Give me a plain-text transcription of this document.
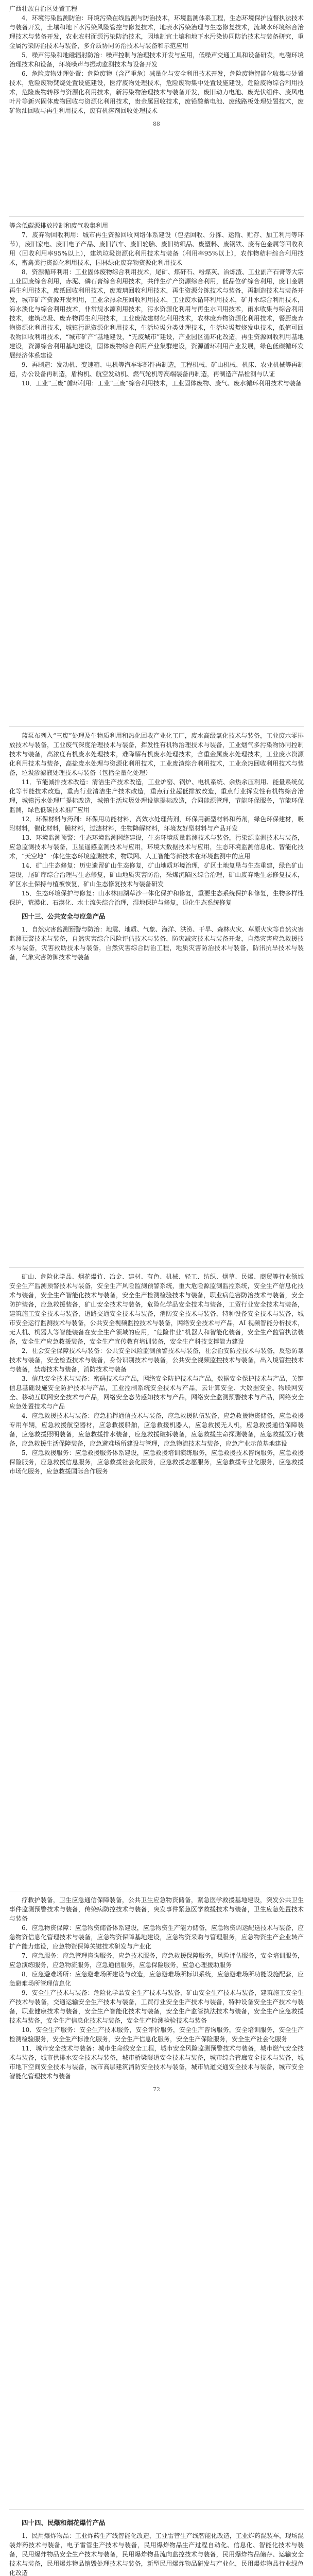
广西壮族自治区处置工程

4．环境污染监测防治：环境污染在线监测与防治技术，环境监测体系工程，生态环境保护监督执法技术与装备开发，土壤和地下水污染风险管控与修复技术，地表水污染治理与生态修复技术，流域水环境综合治理技术与装备开发，农业农村面源污染防治技术，因地制宜土壤和地下水污染协同防治技术与装备研究，重金属污染防治技术与装备，多介质协同防治技术与装备和示范应用

5．噪声污染和地磁辐射防治：噪声控制与治理技术开发与应用，低噪声交通工具和设备研发，电磁环境治理技术和设备，环境噪声与振动监测技术与设备开发

6．危险废物处理处置：危险废物（含严重危）减量化与安全利用技术开发，危险废物智能化收集与处置技术，危险废物焚烧处置设施建设，医疗废物处理技术，危险废物集中处置设施建设，危险废物综合利用技术，危险废物转移与资源化利用技术，新污染物治理技术与装备开发，废旧动力电池、废光伏组件、废风电叶片等新兴固体废物回收与资源化利用技术，贵金属回收技术，废铅酸蓄电池、废线路板处理处置技术，废矿物油回收与再生利用技术，废有机溶剂回收处理技术

88

等含低碳源排放控制和废气收集利用

7．废弃物回收利用：城市再生资源回收网络体系建设（包括回收、分拣、运输、贮存、加工利用等环节），废旧家电、废旧电子产品、废旧汽车、废旧轮胎、废旧纺织品、废塑料、废钢铁、废有色金属等回收利用（回收利用率95%以上），建筑垃圾资源化利用技术与装备（利用率95%以上），农作物秸秆综合利用技术，畜禽粪污资源化利用技术，园林绿化废弃物资源化利用技术

8．资源循环利用：工业固体废物综合利用技术，尾矿、煤矸石、粉煤灰、冶炼渣、工业副产石膏等大宗工业固废综合利用，赤泥、磷石膏综合利用技术，共伴生矿产资源综合利用，低品位矿综合利用，废旧金属再生利用技术，废纸回收利用技术，废玻璃回收利用技术，再生资源分拣技术与装备，再制造技术与装备开发，城市矿产资源开发利用，工业余热余压回收利用技术，工业废水循环利用技术，矿井水综合利用技术，海水淡化与综合利用技术，非常规水源利用技术，污水资源化利用与再生水回用技术，雨水收集与综合利用技术，建筑垃圾、废弃物再生利用技术，工业废渣建材化利用技术，农林废弃物资源化利用技术，餐厨废弃物资源化利用技术，城镇污泥资源化利用技术，生活垃圾分类处理技术，生活垃圾焚烧发电技术，低值可回收物回收利用技术，“城市矿产”基地建设，“无废城市”建设，产业园区循环化改造，再生资源回收利用基地建设，资源综合利用基地建设，固体废物综合利用产业集群建设，资源循环利用产业发展，绿色低碳循环发展经济体系建设

9．再制造：发动机、变速箱、电机等汽车零部件再制造，工程机械、矿山机械、机床、农业机械等再制造，办公设备再制造，盾构机、航空发动机、燃气轮机等高端装备再制造，再制造产品检测与认证

10．工业“三废”循环利用：工业“三废”综合利用技术，工业固体废物、废气、废水循环利用技术与装备

蓝泵布列入“三废”处理及生物质利用和热化回收产业化工厂，废水高级氧化技术与装备，工业废水零排放技术与装备，工业废气深度治理技术与装备，挥发性有机物治理技术与装备，工业烟气多污染物协同控制技术与装备，高浓度有机废水处理技术，难降解有机废水处理技术，含重金属废水处理技术，工业废水资源化利用技术与装备，高盐废水处理与资源化利用技术，工业废渣综合利用技术，工业余热回收利用技术与装备，垃圾渗滤液处理技术与装备（包括全量化处理）

11．节能减排技术改造：清洁生产技术改造，工业炉窑、锅炉、电机系统、余热余压利用、能量系统优化等节能技术改造，重点行业清洁生产技术改造，重点行业超低排放改造，重点行业挥发性有机物综合治理，城镇污水处理厂提标改造，城镇生活垃圾处理设施提标改造，合同能源管理，节能环保服务，节能环保监测，绿色低碳技术推广应用

12．环保材料与药剂：环保用功能材料，高效水处理药剂，环保用新型材料和药剂，绿色环保建材，吸附材料，催化材料，膜材料，过滤材料，生物降解材料，环境友好型材料与产品开发

13．环境监测预警：生态环境监测网络建设，生态环境质量监测技术与装备，污染源监测技术与装备，应急监测技术与装备，卫星遥感监测技术与应用，环境大数据技术与应用，生态环境监测信息化、智能化技术，“天空地”一体化生态环境监测技术，物联网、人工智能等新技术在环境监测中的应用

14．矿山生态修复：历史遗留矿山生态修复，矿山地质环境治理，矿区土地复垦与生态重建，绿色矿山建设，尾矿库综合治理与生态修复，矿山地质灾害防治，采煤沉陷区综合治理，矿山废弃地生态修复技术，矿区水土保持与植被恢复，矿山生态修复技术与装备研发

15．生态环境保护与修复：山水林田湖草沙一体化保护和修复，重要生态系统保护和修复，生物多样性保护，荒漠化、石漠化、水土流失综合治理，湿地保护与修复，退化生态系统修复

四十三、公共安全与应急产品

1．自然灾害监测预警与防治：地震、地质、气象、海洋、洪涝、干旱、森林火灾、草原火灾等自然灾害监测预警技术与装备，自然灾害综合风险评估技术与装备，防灾减灾技术与装备开发，自然灾害应急救援技术与装备，灾害救助技术与装备，自然灾害综合防治工程，地质灾害防治技术与装备，防汛抗旱技术与装备，气象灾害防御技术与装备

矿山、危险化学品、烟花爆竹、冶金、建材、有色、机械、轻工、纺织、烟草、民爆、商贸等行业领域安全生产监测预警技术与装备，安全生产风险监测预警系统，重大危险源监测监控系统，安全生产信息化技术与装备，安全生产智能化技术与装备，安全生产检测检验技术与装备，职业病危害防治技术与装备，安全防护装备，应急救援装备，矿山安全技术与装备，危险化学品安全技术与装备，工贸行业安全技术与装备，建筑施工安全技术与装备，道路交通安全技术与装备，消防安全技术与装备，特种设备安全技术与装备，城市安全运行监测技术与装备，公共安全视频监控技术与装备，网络安全技术与产品，AI 视频智能分析技术，无人机、机器人等智能装备在安全生产领域的应用，“危险作业”机器人和智能化装备，安全生产监管执法装备，安全生产应急救援装备，安全生产宣传教育培训装备，安全生产科技支撑能力建设

2．社会安全保障技术与装备：公共安全风险监测预警技术与装备，社会治安防控技术与装备，反恐防暴技术与装备，安全检查技术与装备，身份识别技术与装备，公共安全视频监控技术与装备，出入境管控技术与装备，禁毒技术与装备，消防技术与装备

3．信息安全技术与装备：密码技术与产品，网络安全防护技术与产品，数据安全保护技术与产品，关键信息基础设施安全防护技术与产品，工业控制系统安全技术与产品，云计算安全、大数据安全、物联网安全、移动互联网安全技术与产品，网络安全态势感知技术与产品，网络安全监测预警技术与产品，网络安全应急处置技术与产品

4．应急救援技术与装备：应急指挥通信技术与装备，应急救援队伍装备，应急救援物资储备，应急救援专用车辆，应急救援航空器材，应急救援船舶，应急救援机器人，应急救援无人机，应急救援通信保障装备，应急救援照明装备，应急救援排水装备，应急救援破拆装备，应急救援生命探测装备，应急救援医疗装备，应急救援生活保障装备，应急避难场所建设与管理，应急物流技术与装备，应急产业示范基地建设

5．应急救援服务：应急救援服务体系建设，应急救援培训演练服务，应急救援技术咨询服务，应急救援保险服务，应急救援信息服务，应急救援社会化服务，应急救援志愿服务，应急救援专业化服务，应急救援市场化服务，应急救援国际合作服务

疗救护装备，卫生应急通信保障装备，公共卫生应急物资储备，紧急医学救援基地建设，突发公共卫生事件监测预警技术与装备，传染病防控技术与装备，突发事件紧急医学救援技术与装备，卫生应急处置技术与装备

6．应急物资保障：应急物资储备体系建设，应急物资生产能力储备，应急物资调运配送技术与装备，应急物资信息化管理技术与装备，应急物资保障基地建设，应急物资采购与管理服务，应急物资生产企业转产扩产能力建设，应急物资保障关键技术研发与产业化

7．应急服务：应急管理咨询服务，应急技术服务，应急救援保障服务，风险评估服务，安全培训服务，应急演练服务，应急物流服务，应急通信服务，应急保险服务，应急心理援助服务

8．应急避难场所：应急避难场所建设与改造，应急避难场所标识系统，应急避难场所功能设施配套，应急避难场所管理信息化

9．安全生产技术与装备：危险化学品安全生产技术与装备，矿山安全生产技术与装备，建筑施工安全生产技术与装备，交通运输安全生产技术与装备，工贸行业安全生产技术与装备，特种设备安全生产技术与装备，职业健康技术与装备，安全生产智能化技术与装备，安全生产监管执法技术与装备，安全生产应急救援技术与装备，安全生产信息化技术与装备，安全生产检测检验技术与装备

10．安全生产服务：安全生产技术服务，安全评价服务，安全生产咨询服务，安全培训服务，安全生产检测检验服务，安全生产标准化服务，安全生产信息化服务，安全生产保险服务，安全生产社会化服务

11．城市安全技术与装备：城市生命线安全工程，城市安全风险监测预警技术与装备，城市燃气安全技术与装备，城市供排水安全技术与装备，城市桥梁隧道安全技术与装备，城市综合管廊安全技术与装备，城市地下空间安全技术与装备，城市高层建筑消防安全技术与装备，城市轨道交通安全技术与装备，城市安全智能化管理技术与装备

72
四十四、民爆和烟花爆竹产品

1．民用爆炸物品：工业炸药生产线智能化改造，工业雷管生产线智能化改造，工业炸药混装车，现场混装炸药技术与装备，电子雷管生产技术与装备，民用爆炸物品生产过程自动化、信息化、智能化技术与装备，民用爆炸物品安全生产技术与装备，民用爆炸物品流向监控技术与装备，民用爆炸物品储存、运输安全技术与装备，民用爆炸物品销毁处理技术与装备，新型民用爆炸物品研发与产业化，民用爆炸物品行业绿色化改造
